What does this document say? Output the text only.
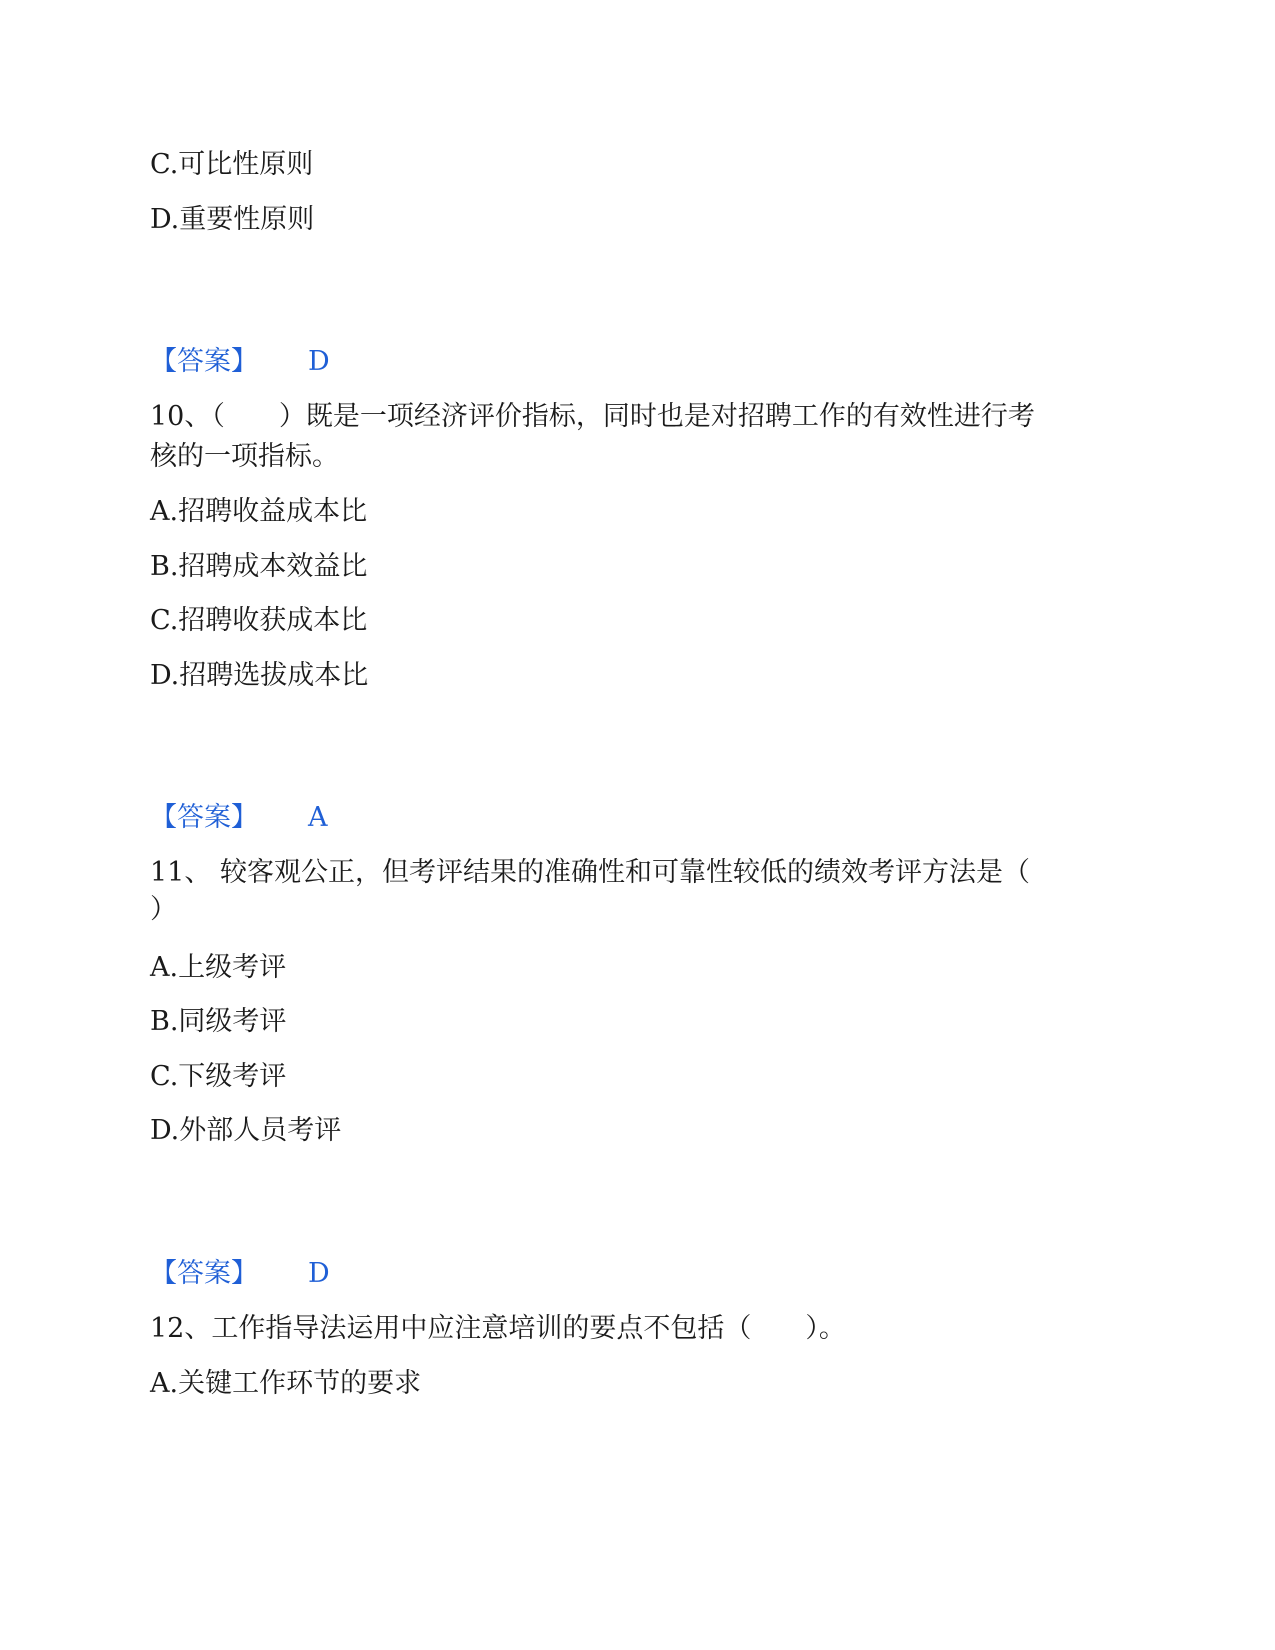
C.可比性原则
D.重要性原则
【答案】 D
10、（　　）既是一项经济评价指标，同时也是对招聘工作的有效性进行考
核的一项指标。
A.招聘收益成本比
B.招聘成本效益比
C.招聘收获成本比
D.招聘选拔成本比
【答案】 A
11、 较客观公正，但考评结果的准确性和可靠性较低的绩效考评方法是（
）
A.上级考评
B.同级考评
C.下级考评
D.外部人员考评
【答案】 D
12、工作指导法运用中应注意培训的要点不包括（　　）。
A.关键工作环节的要求
